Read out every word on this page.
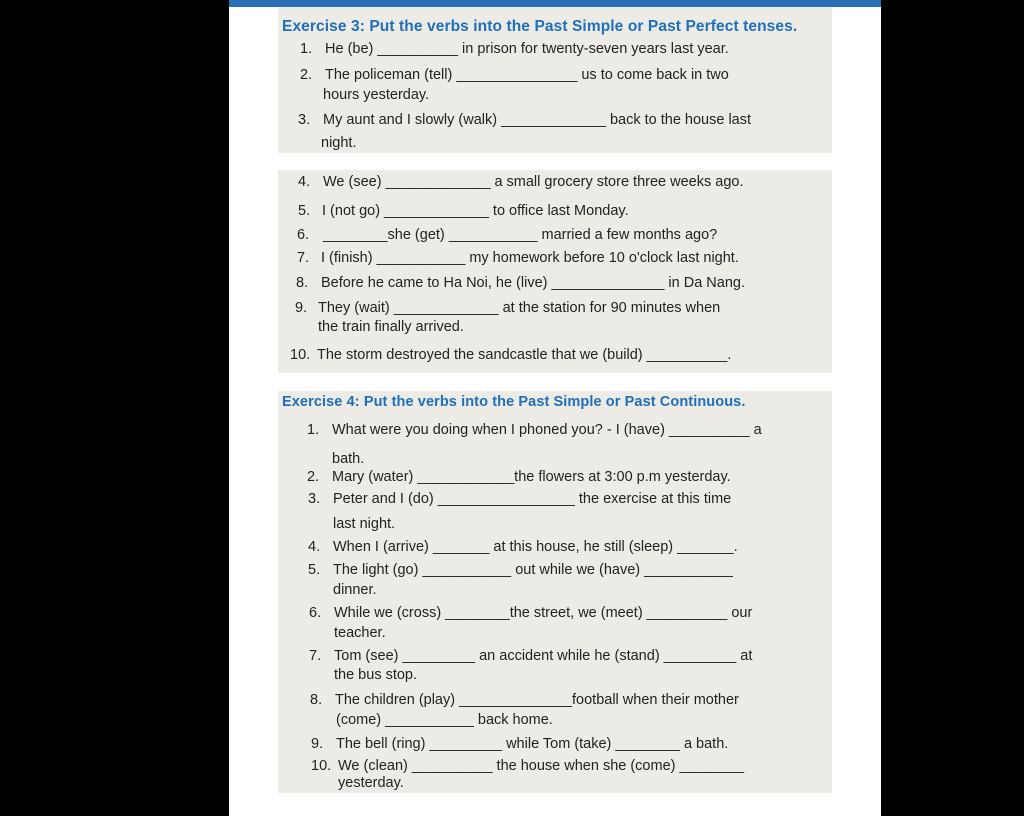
Exercise 3: Put the verbs into the Past Simple or Past Perfect tenses.
1. He (be) __________ in prison for twenty-seven years last year.
2. The policeman (tell) _______________ us to come back in two
hours yesterday.
3. My aunt and I slowly (walk) _____________ back to the house last
night.
4. We (see) _____________ a small grocery store three weeks ago.
5. I (not go) _____________ to office last Monday.
6. ________she (get) ___________ married a few months ago?
7. I (finish) ___________ my homework before 10 o'clock last night.
8. Before he came to Ha Noi, he (live) ______________ in Da Nang.
9. They (wait) _____________ at the station for 90 minutes when
the train finally arrived.
10. The storm destroyed the sandcastle that we (build) __________.
Exercise 4: Put the verbs into the Past Simple or Past Continuous.
1. What were you doing when I phoned you? - I (have) __________ a
bath.
2. Mary (water) ____________the flowers at 3:00 p.m yesterday.
3. Peter and I (do) _________________ the exercise at this time
last night.
4. When I (arrive) _______ at this house, he still (sleep) _______.
5. The light (go) ___________ out while we (have) ___________
dinner.
6. While we (cross) ________the street, we (meet) __________ our
teacher.
7. Tom (see) _________ an accident while he (stand) _________ at
the bus stop.
8. The children (play) ______________football when their mother
(come) ___________ back home.
9. The bell (ring) _________ while Tom (take) ________ a bath.
10. We (clean) __________ the house when she (come) ________
yesterday.
